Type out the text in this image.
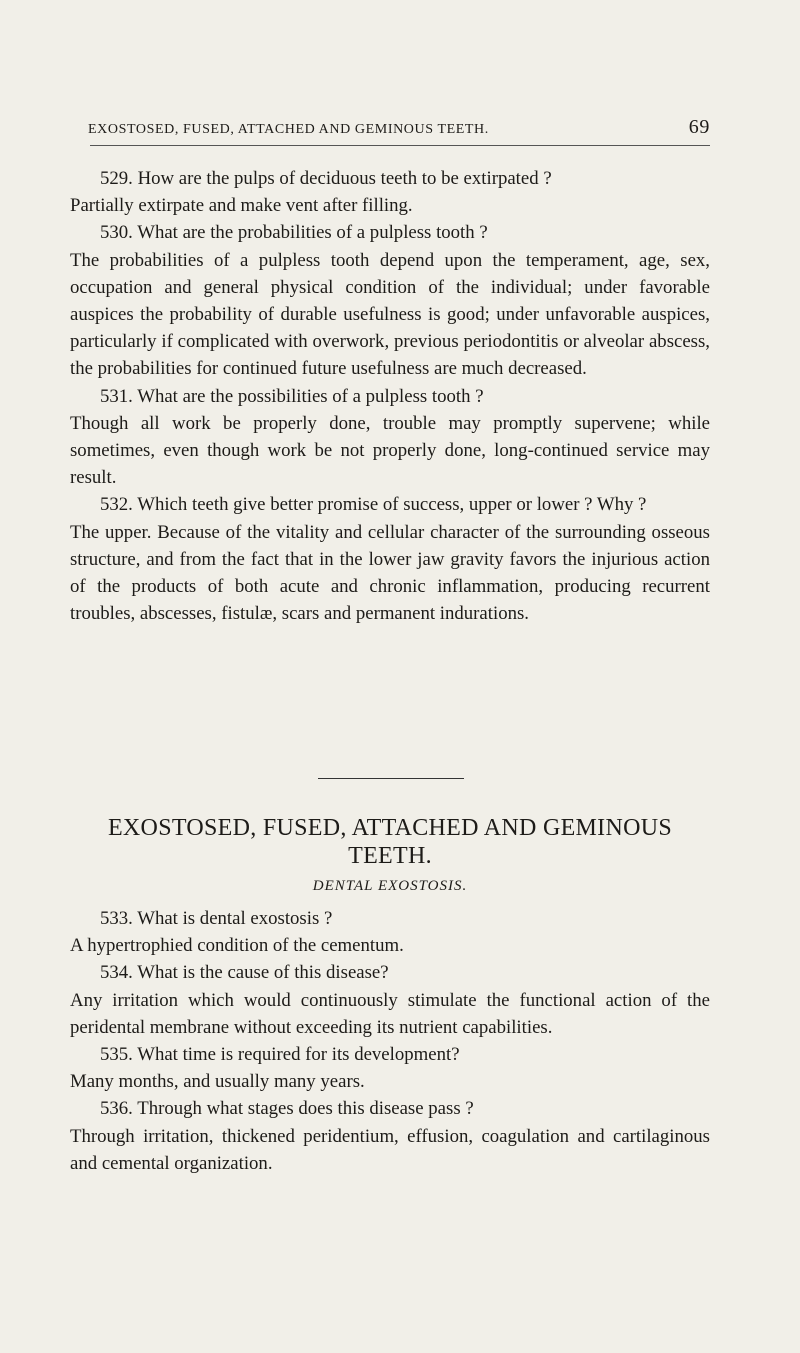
EXOSTOSED, FUSED, ATTACHED AND GEMINOUS TEETH.	69

529. How are the pulps of deciduous teeth to be extirpated ?

Partially extirpate and make vent after filling.

530. What are the probabilities of a pulpless tooth ?

The probabilities of a pulpless tooth depend upon the temperament, age, sex, occupation and general physical condition of the individual; under favorable auspices the probability of durable usefulness is good; under unfavorable auspices, particularly if complicated with overwork, previous periodontitis or alveolar abscess, the probabilities for continued future usefulness are much decreased.

531. What are the possibilities of a pulpless tooth ?

Though all work be properly done, trouble may promptly supervene; while sometimes, even though work be not properly done, long-continued service may result.

532. Which teeth give better promise of success, upper or lower ? Why ?

The upper. Because of the vitality and cellular character of the surrounding osseous structure, and from the fact that in the lower jaw gravity favors the injurious action of the products of both acute and chronic inflammation, producing recurrent troubles, abscesses, fistulæ, scars and permanent indurations.

EXOSTOSED, FUSED, ATTACHED AND GEMINOUS
TEETH.
DENTAL EXOSTOSIS.

533. What is dental exostosis ?

A hypertrophied condition of the cementum.

534. What is the cause of this disease?

Any irritation which would continuously stimulate the functional action of the peridental membrane without exceeding its nutrient capabilities.

535. What time is required for its development?

Many months, and usually many years.

536. Through what stages does this disease pass ?

Through irritation, thickened peridentium, effusion, coagulation and cartilaginous and cemental organization.
